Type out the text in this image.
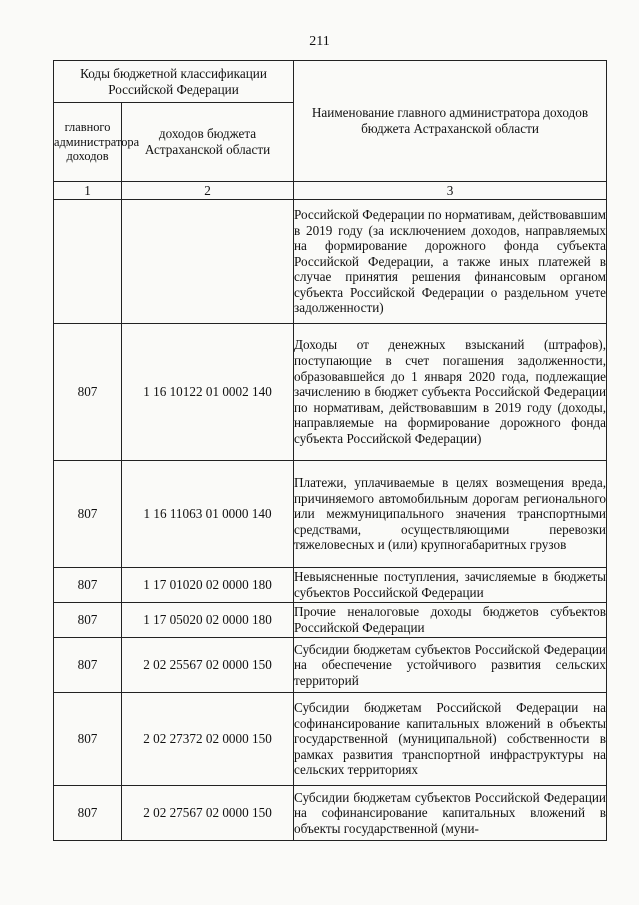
211
Коды бюджетной классификации Российской Федерации		Наименование главного администратора доходов бюджета Астраханской области
главного администратора доходов	доходов бюджета Астраханской области	
1	2	3
		Российской Федерации по нормативам, действовавшим в 2019 году (за исключением доходов, направляемых на формирование дорожного фонда субъекта Российской Федерации, а также иных платежей в случае принятия решения финансовым органом субъекта Российской Федерации о раздельном учете задолженности)
807	1 16 10122 01 0002 140	Доходы от денежных взысканий (штрафов), поступающие в счет погашения задолженности, образовавшейся до 1 января 2020 года, подлежащие зачислению в бюджет субъекта Российской Федерации по нормативам, действовавшим в 2019 году (доходы, направляемые на формирование дорожного фонда субъекта Российской Федерации)
807	1 16 11063 01 0000 140	Платежи, уплачиваемые в целях возмещения вреда, причиняемого автомобильным дорогам регионального или межмуниципального значения транспортными средствами, осуществляющими перевозки тяжеловесных и (или) крупногабаритных грузов
807	1 17 01020 02 0000 180	Невыясненные поступления, зачисляемые в бюджеты субъектов Российской Федерации
807	1 17 05020 02 0000 180	Прочие неналоговые доходы бюджетов субъектов Российской Федерации
807	2 02 25567 02 0000 150	Субсидии бюджетам субъектов Российской Федерации на обеспечение устойчивого развития сельских территорий
807	2 02 27372 02 0000 150	Субсидии бюджетам Российской Федерации на софинансирование капитальных вложений в объекты государственной (муниципальной) собственности в рамках развития транспортной инфраструктуры на сельских территориях
807	2 02 27567 02 0000 150	Субсидии бюджетам субъектов Российской Федерации на софинансирование капитальных вложений в объекты государственной (муни-
